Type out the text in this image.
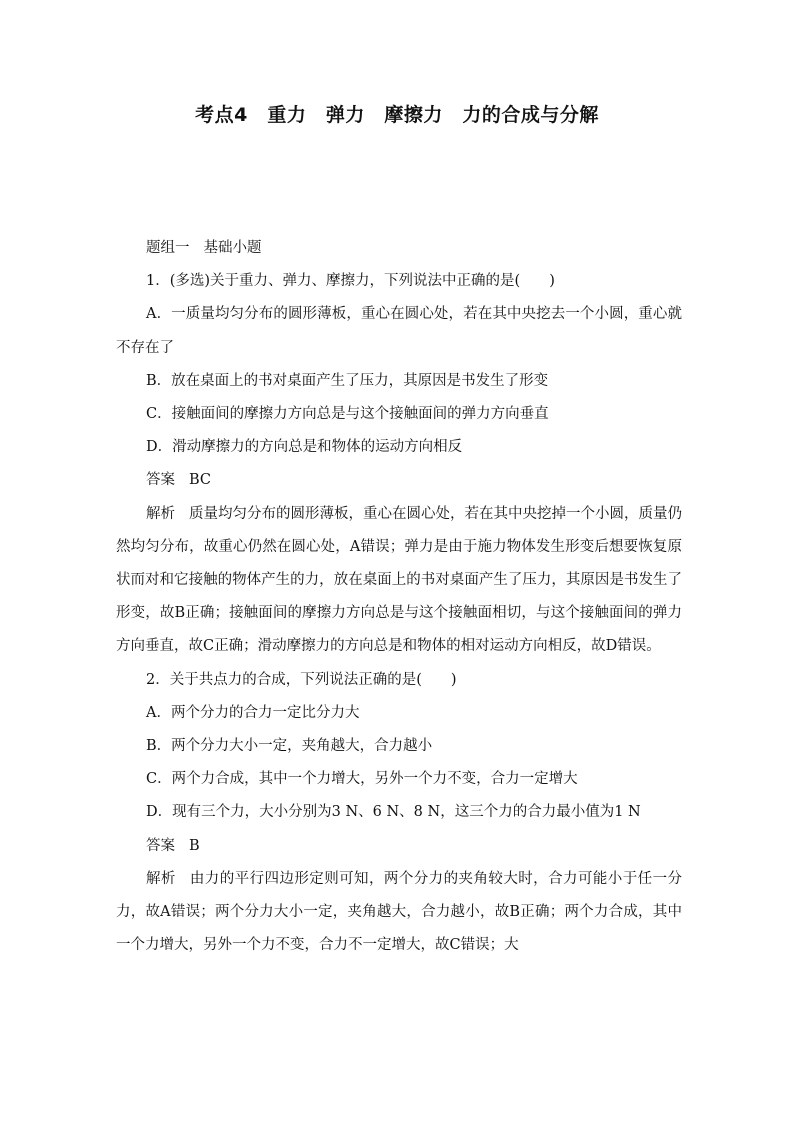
考点4　重力　弹力　摩擦力　力的合成与分解

题组一 基础小题

1．(多选)关于重力、弹力、摩擦力，下列说法中正确的是(　　)

A．一质量均匀分布的圆形薄板，重心在圆心处，若在其中央挖去一个小圆，重心就不存在了

B．放在桌面上的书对桌面产生了压力，其原因是书发生了形变

C．接触面间的摩擦力方向总是与这个接触面间的弹力方向垂直

D．滑动摩擦力的方向总是和物体的运动方向相反

答案 BC

解析 质量均匀分布的圆形薄板，重心在圆心处，若在其中央挖掉一个小圆，质量仍然均匀分布，故重心仍然在圆心处，A错误；弹力是由于施力物体发生形变后想要恢复原状而对和它接触的物体产生的力，放在桌面上的书对桌面产生了压力，其原因是书发生了形变，故B正确；接触面间的摩擦力方向总是与这个接触面相切，与这个接触面间的弹力方向垂直，故C正确；滑动摩擦力的方向总是和物体的相对运动方向相反，故D错误。

2．关于共点力的合成，下列说法正确的是(　　)

A．两个分力的合力一定比分力大

B．两个分力大小一定，夹角越大，合力越小

C．两个力合成，其中一个力增大，另外一个力不变，合力一定增大

D．现有三个力，大小分别为3 N、6 N、8 N，这三个力的合力最小值为1 N

答案 B

解析 由力的平行四边形定则可知，两个分力的夹角较大时，合力可能小于任一分力，故A错误；两个分力大小一定，夹角越大，合力越小，故B正确；两个力合成，其中一个力增大，另外一个力不变，合力不一定增大，故C错误；大
